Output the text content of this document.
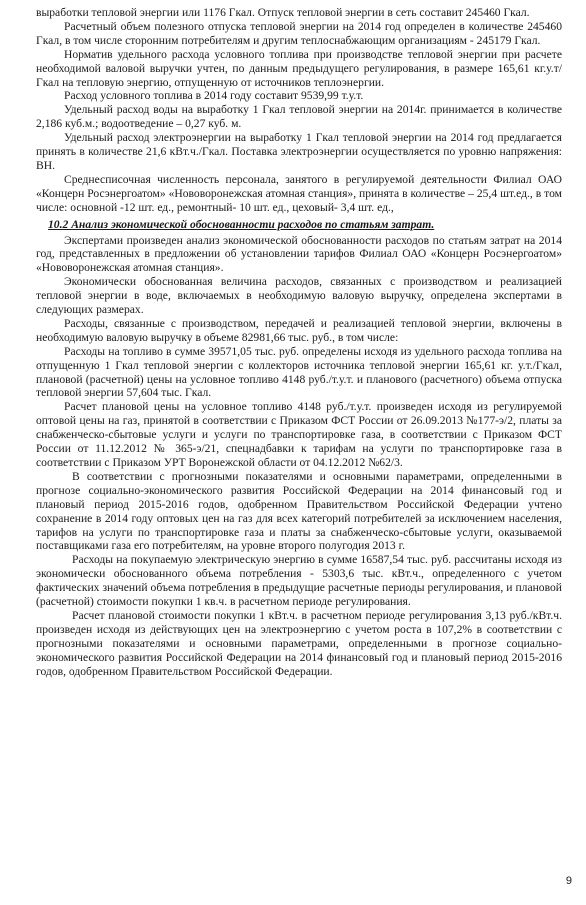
выработки тепловой энергии или 1176 Гкал. Отпуск тепловой энергии в сеть составит 245460 Гкал.

Расчетный объем полезного отпуска тепловой энергии на 2014 год определен в количестве 245460 Гкал, в том числе сторонним потребителям и другим теплоснабжающим организациям - 245179 Гкал.

Норматив удельного расхода условного топлива при производстве тепловой энергии при расчете необходимой валовой выручки учтен, по данным предыдущего регулирования, в размере 165,61 кг.у.т/Гкал на тепловую энергию, отпущенную от источников теплоэнергии.

Расход условного топлива в 2014 году составит 9539,99 т.у.т.

Удельный расход воды на выработку 1 Гкал тепловой энергии на 2014г. принимается в количестве 2,186 куб.м.; водоотведение – 0,27 куб. м.

Удельный расход электроэнергии на выработку 1 Гкал тепловой энергии на 2014 год предлагается принять в количестве 21,6 кВт.ч./Гкал. Поставка электроэнергии осуществляется по уровню напряжения: ВН.

Среднесписочная численность персонала, занятого в регулируемой деятельности Филиал ОАО «Концерн Росэнергоатом» «Нововоронежская атомная станция», принята в количестве – 25,4 шт.ед., в том числе: основной -12 шт. ед., ремонтный- 10 шт. ед., цеховый- 3,4 шт. ед.,

10.2 Анализ экономической обоснованности расходов по статьям затрат.

Экспертами произведен анализ экономической обоснованности расходов по статьям затрат на 2014 год, представленных в предложении об установлении тарифов Филиал ОАО «Концерн Росэнергоатом» «Нововоронежская атомная станция».

Экономически обоснованная величина расходов, связанных с производством и реализацией тепловой энергии в воде, включаемых в необходимую валовую выручку, определена экспертами в следующих размерах.

Расходы, связанные с производством, передачей и реализацией тепловой энергии, включены в необходимую валовую выручку в объеме 82981,66 тыс. руб., в том числе:

Расходы на топливо в сумме 39571,05 тыс. руб. определены исходя из удельного расхода топлива на отпущенную 1 Гкал тепловой энергии с коллекторов источника тепловой энергии 165,61 кг. у.т./Гкал, плановой (расчетной) цены на условное топливо 4148 руб./т.у.т. и планового (расчетного) объема отпуска тепловой энергии 57,604 тыс. Гкал.

Расчет плановой цены на условное топливо 4148 руб./т.у.т. произведен исходя из регулируемой оптовой цены на газ, принятой в соответствии с Приказом ФСТ России от 26.09.2013 №177-э/2, платы за снабженческо-сбытовые услуги и услуги по транспортировке газа, в соответствии с Приказом ФСТ России от 11.12.2012 № 365-э/21, спецнадбавки к тарифам на услуги по транспортировке газа в соответствии с Приказом УРТ Воронежской области от 04.12.2012 №62/3.

В соответствии с прогнозными показателями и основными параметрами, определенными в прогнозе социально-экономического развития Российской Федерации на 2014 финансовый год и плановый период 2015-2016 годов, одобренном Правительством Российской Федерации учтено сохранение в 2014 году оптовых цен на газ для всех категорий потребителей за исключением населения, тарифов на услуги по транспортировке газа и платы за снабженческо-сбытовые услуги, оказываемой поставщиками газа его потребителям, на уровне второго полугодия 2013 г.

Расходы на покупаемую электрическую энергию в сумме 16587,54 тыс. руб. рассчитаны исходя из экономически обоснованного объема потребления - 5303,6 тыс. кВт.ч., определенного с учетом фактических значений объема потребления в предыдущие расчетные периоды регулирования, и плановой (расчетной) стоимости покупки 1 кв.ч. в расчетном периоде регулирования.

Расчет плановой стоимости покупки 1 кВт.ч. в расчетном периоде регулирования 3,13 руб./кВт.ч. произведен исходя из действующих цен на электроэнергию с учетом роста в 107,2% в соответствии с прогнозными показателями и основными параметрами, определенными в прогнозе социально-экономического развития Российской Федерации на 2014 финансовый год и плановый период 2015-2016 годов, одобренном Правительством Российской Федерации.

9
